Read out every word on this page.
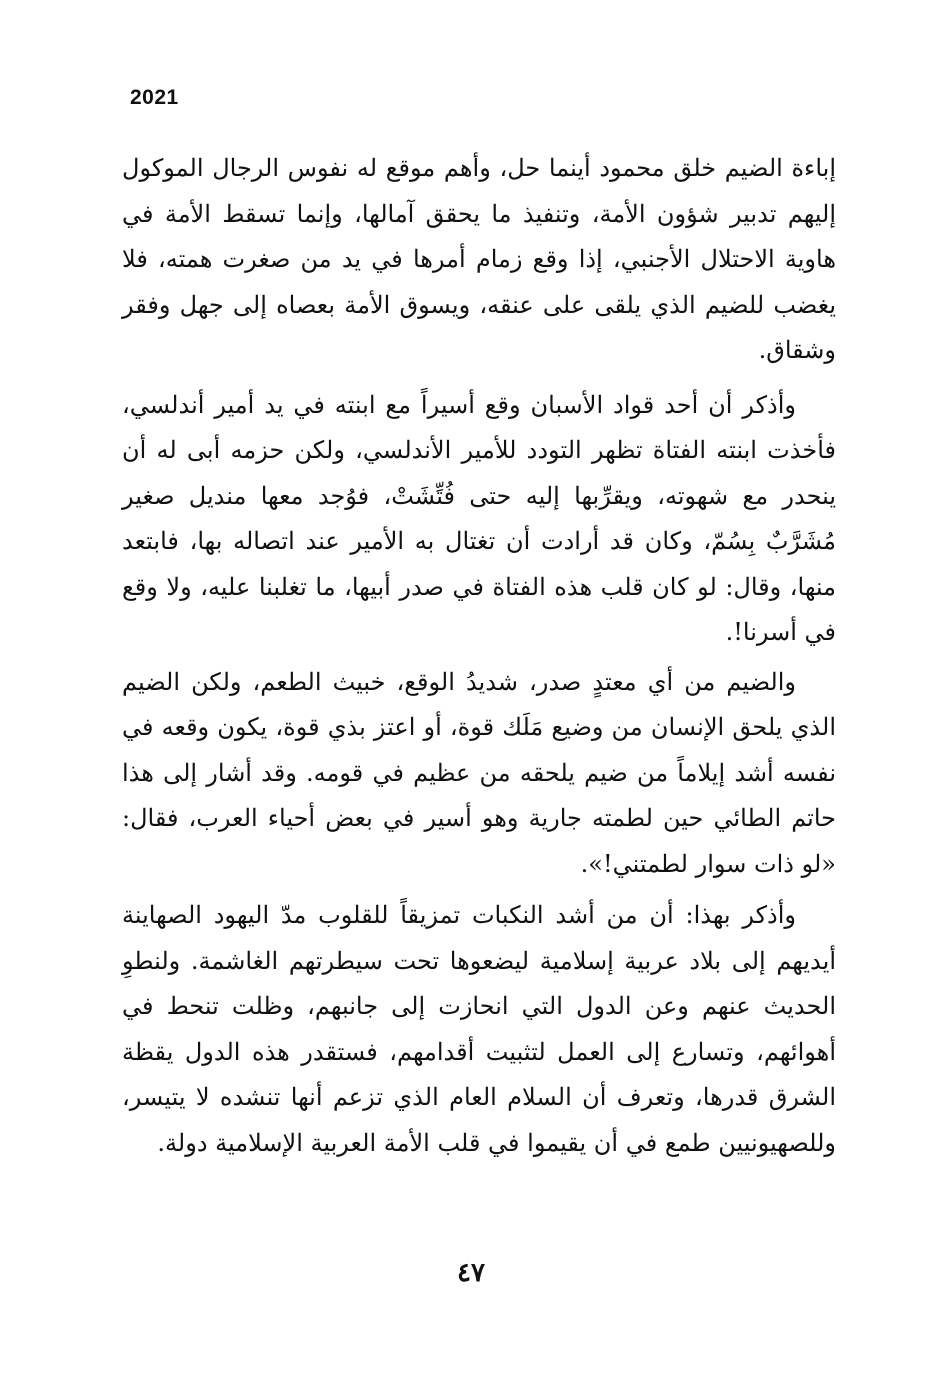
2021

إباءة الضيم خلق محمود أينما حل، وأهم موقع له نفوس الرجال الموكول إليهم تدبير شؤون الأمة، وتنفيذ ما يحقق آمالها، وإنما تسقط الأمة في هاوية الاحتلال الأجنبي، إذا وقع زمام أمرها في يد من صغرت همته، فلا يغضب للضيم الذي يلقى على عنقه، ويسوق الأمة بعصاه إلى جهل وفقر وشقاق.

وأذكر أن أحد قواد الأسبان وقع أسيراً مع ابنته في يد أمير أندلسي، فأخذت ابنته الفتاة تظهر التودد للأمير الأندلسي، ولكن حزمه أبى له أن ينحدر مع شهوته، ويقرِّبها إليه حتى فُتِّشَتْ، فوُجد معها منديل صغير مُشَرَّبٌ بِسُمّ، وكان قد أرادت أن تغتال به الأمير عند اتصاله بها، فابتعد منها، وقال: لو كان قلب هذه الفتاة في صدر أبيها، ما تغلبنا عليه، ولا وقع في أسرنا!.

والضيم من أي معتدٍ صدر، شديدُ الوقع، خبيث الطعم، ولكن الضيم الذي يلحق الإنسان من وضيع مَلَك قوة، أو اعتز بذي قوة، يكون وقعه في نفسه أشد إيلاماً من ضيم يلحقه من عظيم في قومه. وقد أشار إلى هذا حاتم الطائي حين لطمته جارية وهو أسير في بعض أحياء العرب، فقال: «لو ذات سوار لطمتني!».

وأذكر بهذا: أن من أشد النكبات تمزيقاً للقلوب مدّ اليهود الصهاينة أيديهم إلى بلاد عربية إسلامية ليضعوها تحت سيطرتهم الغاشمة. ولنطوِ الحديث عنهم وعن الدول التي انحازت إلى جانبهم، وظلت تنحط في أهوائهم، وتسارع إلى العمل لتثبيت أقدامهم، فستقدر هذه الدول يقظة الشرق قدرها، وتعرف أن السلام العام الذي تزعم أنها تنشده لا يتيسر، وللصهيونيين طمع في أن يقيموا في قلب الأمة العربية الإسلامية دولة.

٤٧
